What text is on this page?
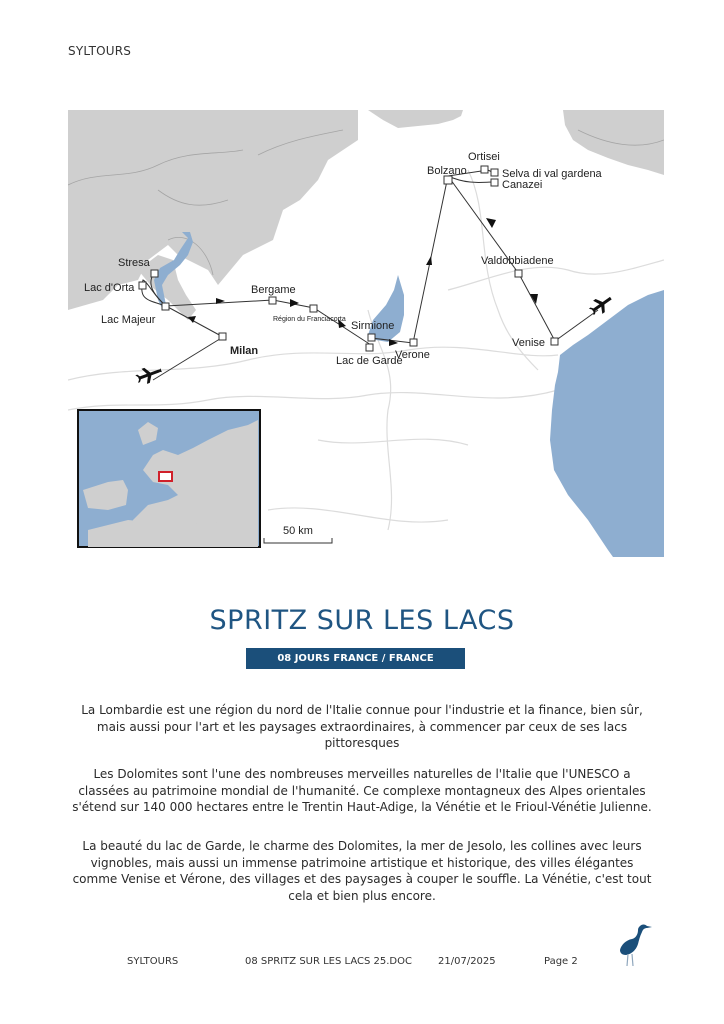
SYLTOURS
Stresa
Lac d'Orta
Lac Majeur
Milan
Bergame
Région du Franciacorta
Sirmione
Lac de Garde
Verone
Bolzano
Ortisei
Selva di val gardena
Canazei
Valdobbiadene
Venise
50 km
SPRITZ SUR LES LACS
08 JOURS FRANCE / FRANCE

La Lombardie est une région du nord de l'Italie connue pour l'industrie et la finance, bien sûr, mais aussi pour l'art et les paysages extraordinaires, à commencer par ceux de ses lacs pittoresques

Les Dolomites sont l'une des nombreuses merveilles naturelles de l'Italie que l'UNESCO a classées au patrimoine mondial de l'humanité. Ce complexe montagneux des Alpes orientales s'étend sur 140 000 hectares entre le Trentin Haut-Adige, la Vénétie et le Frioul-Vénétie Julienne.

La beauté du lac de Garde, le charme des Dolomites, la mer de Jesolo, les collines avec leurs vignobles, mais aussi un immense patrimoine artistique et historique, des villes élégantes comme Venise et Vérone, des villages et des paysages à couper le souffle. La Vénétie, c'est tout cela et bien plus encore.

SYLTOURS	08 SPRITZ SUR LES LACS 25.DOC	21/07/2025	Page 2
